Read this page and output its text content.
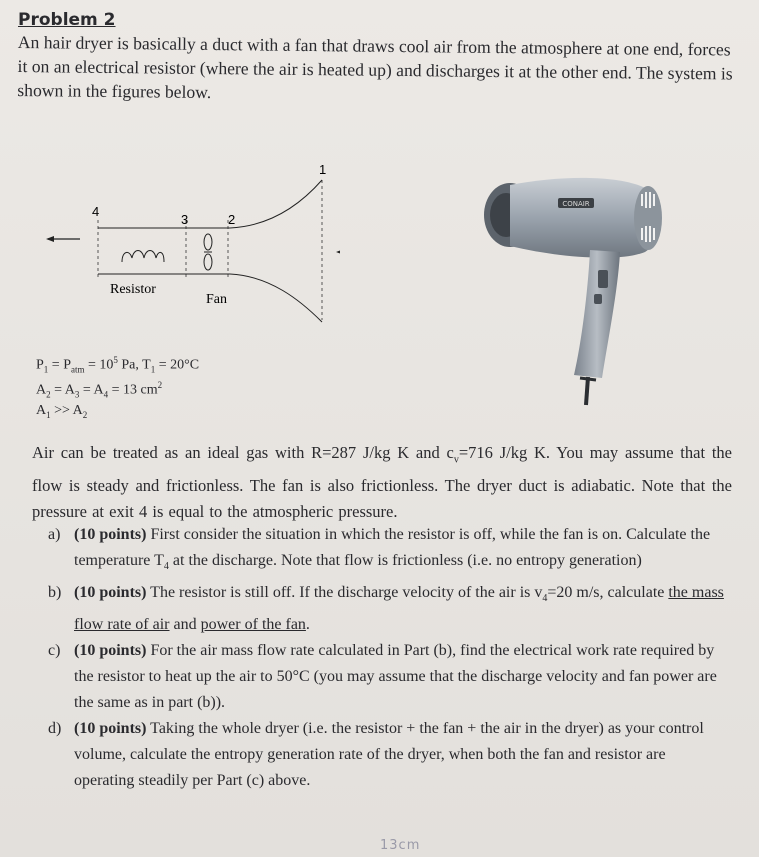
Problem 2
An hair dryer is basically a duct with a fan that draws cool air from the atmosphere at one end, forces it on an electrical resistor (where the air is heated up) and discharges it at the other end. The system is shown in the figures below.
4
3	2
1
Resistor
Fan
$P_1 = P_{atm} = 10^5$ Pa, $T_1 = 20^\circ C$
$A_2 = A_3 = A_4 = 13$ $cm^2$
$A_1 >> A_2$
CONAIR
Air can be treated as an ideal gas with R=287 J/kg K and $c_v=716$ J/kg K. You may assume that the flow is steady and frictionless. The fan is also frictionless. The dryer duct is adiabatic. Note that the pressure at exit 4 is equal to the atmospheric pressure.

a) (10 points) First consider the situation in which the resistor is off, while the fan is on. Calculate the temperature $T_4$ at the discharge. Note that flow is frictionless (i.e. no entropy generation)

b) (10 points) The resistor is still off. If the discharge velocity of the air is $v_4=20$ m/s, calculate the mass flow rate of air and power of the fan.

c) (10 points) For the air mass flow rate calculated in Part (b), find the electrical work rate required by the resistor to heat up the air to 50°C (you may assume that the discharge velocity and fan power are the same as in part (b)).

d) (10 points) Taking the whole dryer (i.e. the resistor + the fan + the air in the dryer) as your control volume, calculate the entropy generation rate of the dryer, when both the fan and resistor are operating steadily per Part (c) above.

13cm
